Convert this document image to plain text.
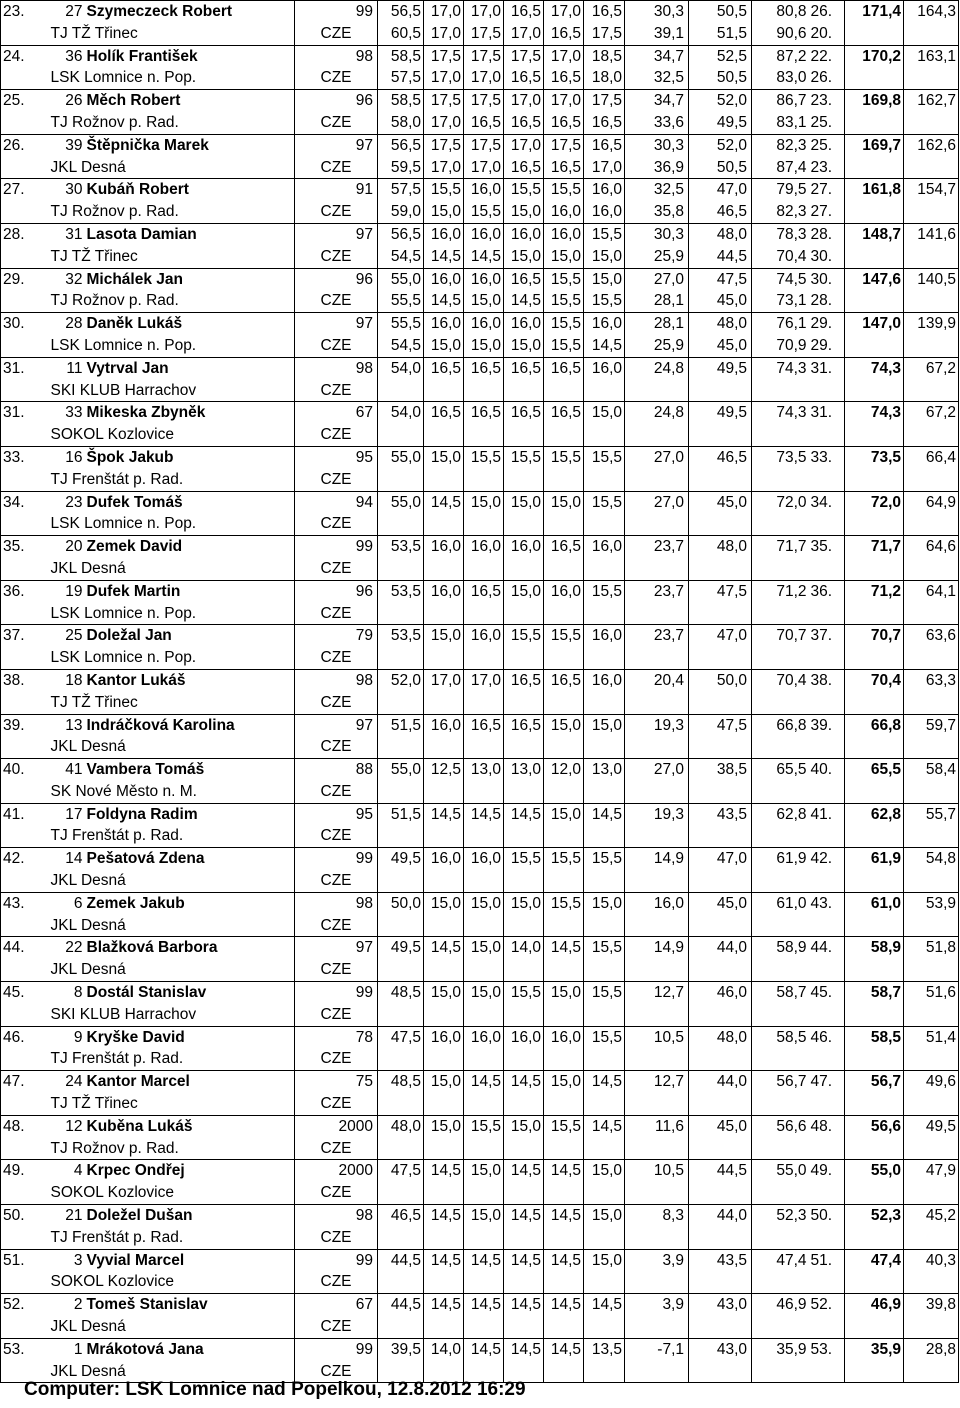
23.	27	Szymeczeck Robert	99	56,5	17,0	17,0	16,5	17,0	16,5	30,3	50,5	80,8	26.	171,4	164,3
	TJ TŽ Třinec		CZE	60,5	17,0	17,5	17,0	16,5	17,5	39,1	51,5	90,6	20.		
24.	36	Holík František	98	58,5	17,5	17,5	17,5	17,0	18,5	34,7	52,5	87,2	22.	170,2	163,1
	LSK Lomnice n. Pop.		CZE	57,5	17,0	17,0	16,5	16,5	18,0	32,5	50,5	83,0	26.		
25.	26	Měch Robert	96	58,5	17,5	17,5	17,0	17,0	17,5	34,7	52,0	86,7	23.	169,8	162,7
	TJ Rožnov p. Rad.		CZE	58,0	17,0	16,5	16,5	16,5	16,5	33,6	49,5	83,1	25.		
26.	39	Štěpnička Marek	97	56,5	17,5	17,5	17,0	17,5	16,5	30,3	52,0	82,3	25.	169,7	162,6
	JKL Desná		CZE	59,5	17,0	17,0	16,5	16,5	17,0	36,9	50,5	87,4	23.		
27.	30	Kubáň Robert	91	57,5	15,5	16,0	15,5	15,5	16,0	32,5	47,0	79,5	27.	161,8	154,7
	TJ Rožnov p. Rad.		CZE	59,0	15,0	15,5	15,0	16,0	16,0	35,8	46,5	82,3	27.		
28.	31	Lasota Damian	97	56,5	16,0	16,0	16,0	16,0	15,5	30,3	48,0	78,3	28.	148,7	141,6
	TJ TŽ Třinec		CZE	54,5	14,5	14,5	15,0	15,0	15,0	25,9	44,5	70,4	30.		
29.	32	Michálek Jan	96	55,0	16,0	16,0	16,5	15,5	15,0	27,0	47,5	74,5	30.	147,6	140,5
	TJ Rožnov p. Rad.		CZE	55,5	14,5	15,0	14,5	15,5	15,5	28,1	45,0	73,1	28.		
30.	28	Daněk Lukáš	97	55,5	16,0	16,0	16,0	15,5	16,0	28,1	48,0	76,1	29.	147,0	139,9
	LSK Lomnice n. Pop.		CZE	54,5	15,0	15,0	15,0	15,5	14,5	25,9	45,0	70,9	29.		
31.	11	Vytrval Jan	98	54,0	16,5	16,5	16,5	16,5	16,0	24,8	49,5	74,3	31.	74,3	67,2
	SKI KLUB Harrachov		CZE												
31.	33	Mikeska Zbyněk	67	54,0	16,5	16,5	16,5	16,5	15,0	24,8	49,5	74,3	31.	74,3	67,2
	SOKOL Kozlovice		CZE												
33.	16	Špok Jakub	95	55,0	15,0	15,5	15,5	15,5	15,5	27,0	46,5	73,5	33.	73,5	66,4
	TJ Frenštát p. Rad.		CZE												
34.	23	Dufek Tomáš	94	55,0	14,5	15,0	15,0	15,0	15,5	27,0	45,0	72,0	34.	72,0	64,9
	LSK Lomnice n. Pop.		CZE												
35.	20	Zemek David	99	53,5	16,0	16,0	16,0	16,5	16,0	23,7	48,0	71,7	35.	71,7	64,6
	JKL Desná		CZE												
36.	19	Dufek Martin	96	53,5	16,0	16,5	15,0	16,0	15,5	23,7	47,5	71,2	36.	71,2	64,1
	LSK Lomnice n. Pop.		CZE												
37.	25	Doležal Jan	79	53,5	15,0	16,0	15,5	15,5	16,0	23,7	47,0	70,7	37.	70,7	63,6
	LSK Lomnice n. Pop.		CZE												
38.	18	Kantor Lukáš	98	52,0	17,0	17,0	16,5	16,5	16,0	20,4	50,0	70,4	38.	70,4	63,3
	TJ TŽ Třinec		CZE												
39.	13	Indráčková Karolina	97	51,5	16,0	16,5	16,5	15,0	15,0	19,3	47,5	66,8	39.	66,8	59,7
	JKL Desná		CZE												
40.	41	Vambera Tomáš	88	55,0	12,5	13,0	13,0	12,0	13,0	27,0	38,5	65,5	40.	65,5	58,4
	SK Nové Město n. M.		CZE												
41.	17	Foldyna Radim	95	51,5	14,5	14,5	14,5	15,0	14,5	19,3	43,5	62,8	41.	62,8	55,7
	TJ Frenštát p. Rad.		CZE												
42.	14	Pešatová Zdena	99	49,5	16,0	16,0	15,5	15,5	15,5	14,9	47,0	61,9	42.	61,9	54,8
	JKL Desná		CZE												
43.	6	Zemek Jakub	98	50,0	15,0	15,0	15,0	15,5	15,0	16,0	45,0	61,0	43.	61,0	53,9
	JKL Desná		CZE												
44.	22	Blažková Barbora	97	49,5	14,5	15,0	14,0	14,5	15,5	14,9	44,0	58,9	44.	58,9	51,8
	JKL Desná		CZE												
45.	8	Dostál Stanislav	99	48,5	15,0	15,0	15,5	15,0	15,5	12,7	46,0	58,7	45.	58,7	51,6
	SKI KLUB Harrachov		CZE												
46.	9	Kryške David	78	47,5	16,0	16,0	16,0	16,0	15,5	10,5	48,0	58,5	46.	58,5	51,4
	TJ Frenštát p. Rad.		CZE												
47.	24	Kantor Marcel	75	48,5	15,0	14,5	14,5	15,0	14,5	12,7	44,0	56,7	47.	56,7	49,6
	TJ TŽ Třinec		CZE												
48.	12	Kuběna Lukáš	2000	48,0	15,0	15,5	15,0	15,5	14,5	11,6	45,0	56,6	48.	56,6	49,5
	TJ Rožnov p. Rad.		CZE												
49.	4	Krpec Ondřej	2000	47,5	14,5	15,0	14,5	14,5	15,0	10,5	44,5	55,0	49.	55,0	47,9
	SOKOL Kozlovice		CZE												
50.	21	Doležel Dušan	98	46,5	14,5	15,0	14,5	14,5	15,0	8,3	44,0	52,3	50.	52,3	45,2
	TJ Frenštát p. Rad.		CZE												
51.	3	Vyvial Marcel	99	44,5	14,5	14,5	14,5	14,5	15,0	3,9	43,5	47,4	51.	47,4	40,3
	SOKOL Kozlovice		CZE												
52.	2	Tomeš Stanislav	67	44,5	14,5	14,5	14,5	14,5	14,5	3,9	43,0	46,9	52.	46,9	39,8
	JKL Desná		CZE												
53.	1	Mrákotová Jana	99	39,5	14,0	14,5	14,5	14,5	13,5	-7,1	43,0	35,9	53.	35,9	28,8
	JKL Desná		CZE												
Computer: LSK Lomnice nad Popelkou, 12.8.2012 16:29
